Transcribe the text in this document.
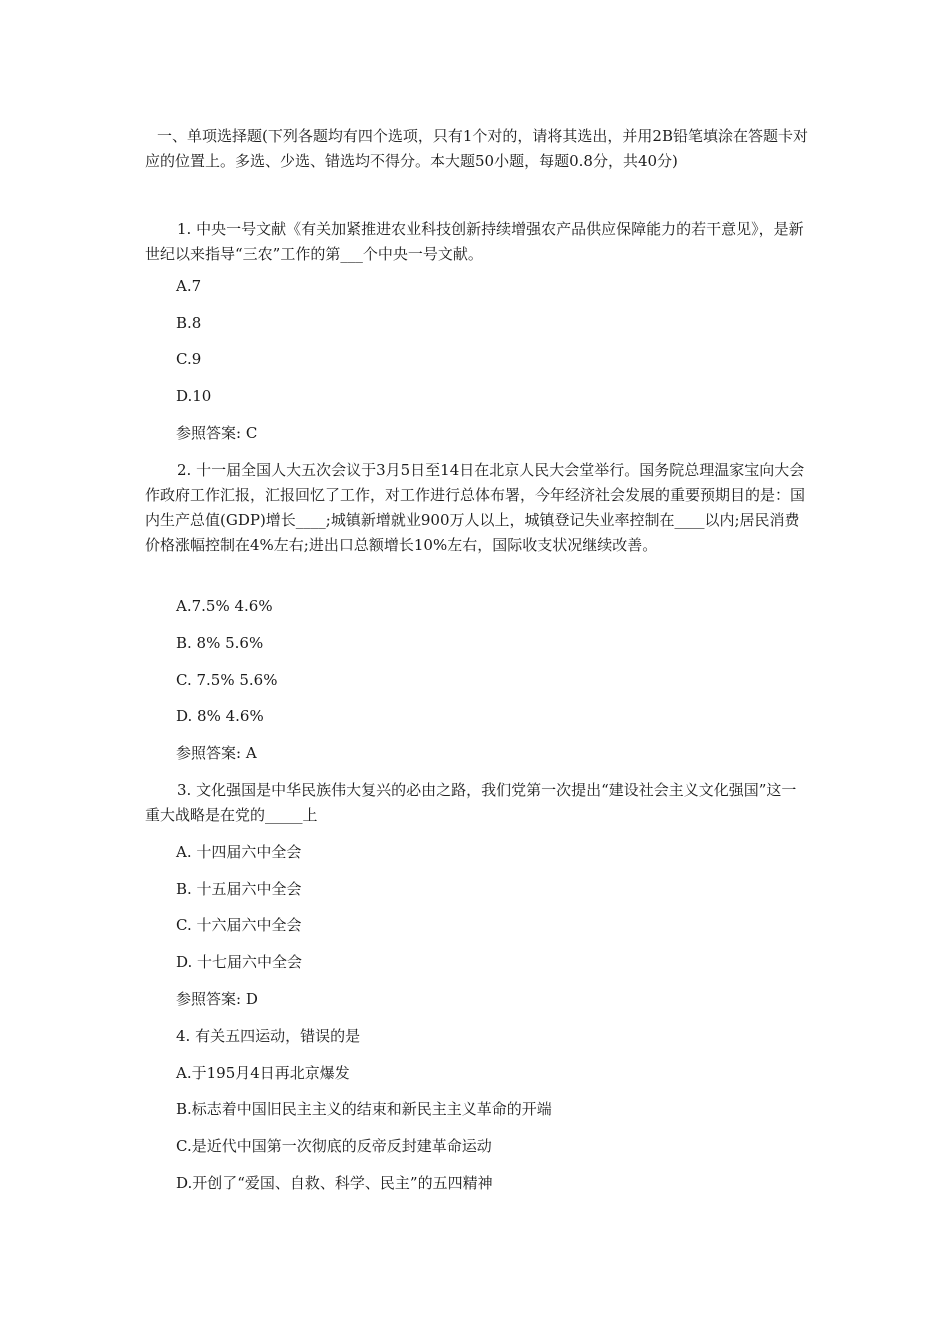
一、单项选择题(下列各题均有四个选项，只有1个对的，请将其选出，并用2B铅笔填涂在答题卡对应的位置上。多选、少选、错选均不得分。本大题50小题，每题0.8分，共40分)

1. 中央一号文献《有关加紧推进农业科技创新持续增强农产品供应保障能力的若干意见》，是新世纪以来指导“三农”工作的第___个中央一号文献。

A.7
B.8
C.9
D.10
参照答案: C

2. 十一届全国人大五次会议于3月5日至14日在北京人民大会堂举行。国务院总理温家宝向大会作政府工作汇报，汇报回忆了工作，对工作进行总体布署，今年经济社会发展的重要预期目的是：国内生产总值(GDP)增长____;城镇新增就业900万人以上，城镇登记失业率控制在____以内;居民消费价格涨幅控制在4%左右;进出口总额增长10%左右，国际收支状况继续改善。

A.7.5% 4.6%
B. 8% 5.6%
C. 7.5% 5.6%
D. 8% 4.6%
参照答案: A

3. 文化强国是中华民族伟大复兴的必由之路，我们党第一次提出“建设社会主义文化强国”这一重大战略是在党的_____上

A. 十四届六中全会
B. 十五届六中全会
C. 十六届六中全会
D. 十七届六中全会
参照答案: D
4. 有关五四运动，错误的是
A.于195月4日再北京爆发
B.标志着中国旧民主主义的结束和新民主主义革命的开端
C.是近代中国第一次彻底的反帝反封建革命运动
D.开创了“爱国、自救、科学、民主”的五四精神
